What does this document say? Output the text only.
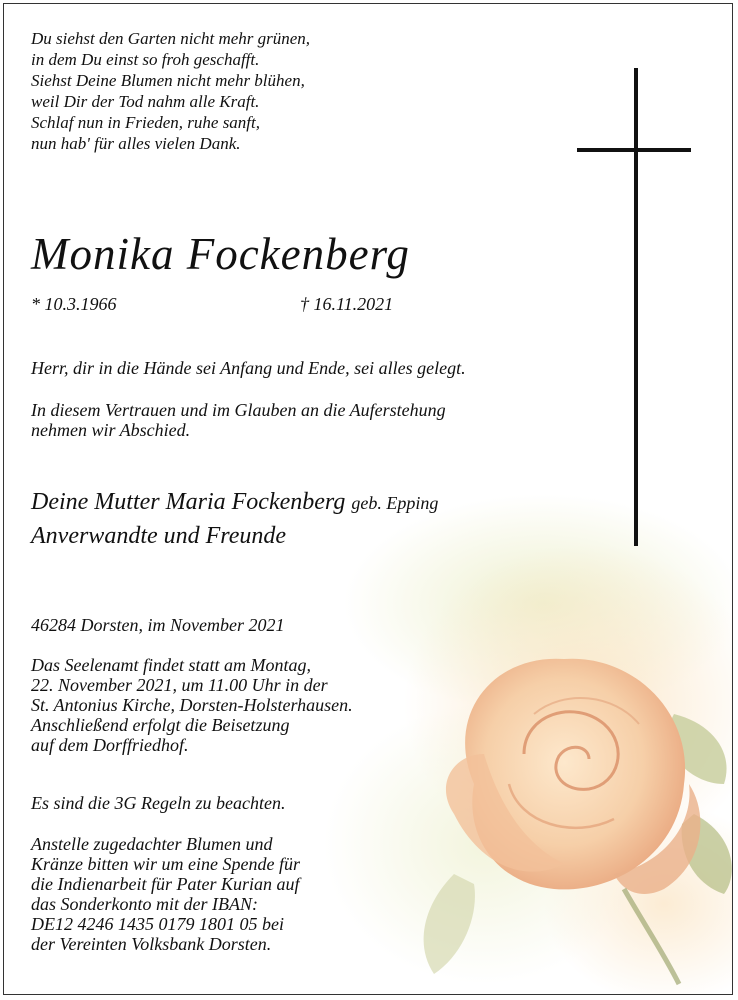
Du siehst den Garten nicht mehr grünen,
in dem Du einst so froh geschafft.
Siehst Deine Blumen nicht mehr blühen,
weil Dir der Tod nahm alle Kraft.
Schlaf nun in Frieden, ruhe sanft,
nun hab' für alles vielen Dank.
Monika Fockenberg
* 10.3.1966	† 16.11.2021
Herr, dir in die Hände sei Anfang und Ende, sei alles gelegt.
In diesem Vertrauen und im Glauben an die Auferstehung
nehmen wir Abschied.
Deine Mutter Maria Fockenberg geb. Epping
Anverwandte und Freunde
46284 Dorsten, im November 2021
Das Seelenamt findet statt am Montag,
22. November 2021, um 11.00 Uhr in der
St. Antonius Kirche, Dorsten-Holsterhausen.
Anschließend erfolgt die Beisetzung
auf dem Dorffriedhof.
Es sind die 3G Regeln zu beachten.
Anstelle zugedachter Blumen und
Kränze bitten wir um eine Spende für
die Indienarbeit für Pater Kurian auf
das Sonderkonto mit der IBAN:
DE12 4246 1435 0179 1801 05 bei
der Vereinten Volksbank Dorsten.
